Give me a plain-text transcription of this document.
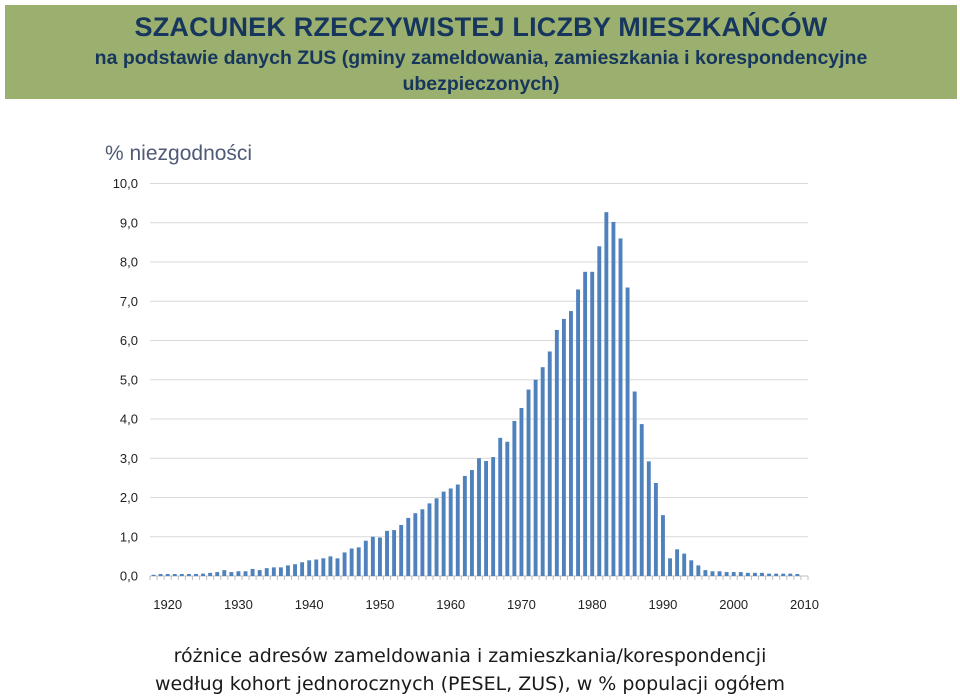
SZACUNEK RZECZYWISTEJ LICZBY MIESZKAŃCÓW
na podstawie danych ZUS (gminy zameldowania, zamieszkania i korespondencyjne ubezpieczonych)
% niezgodności
0,0
1,0
2,0
3,0
4,0
5,0
6,0
7,0
8,0
9,0
10,0
1920	1930	1940	1950	1960	1970	1980	1990	2000	2010
różnice adresów zameldowania i zamieszkania/korespondencji
według kohort jednorocznych (PESEL, ZUS), w % populacji ogółem
